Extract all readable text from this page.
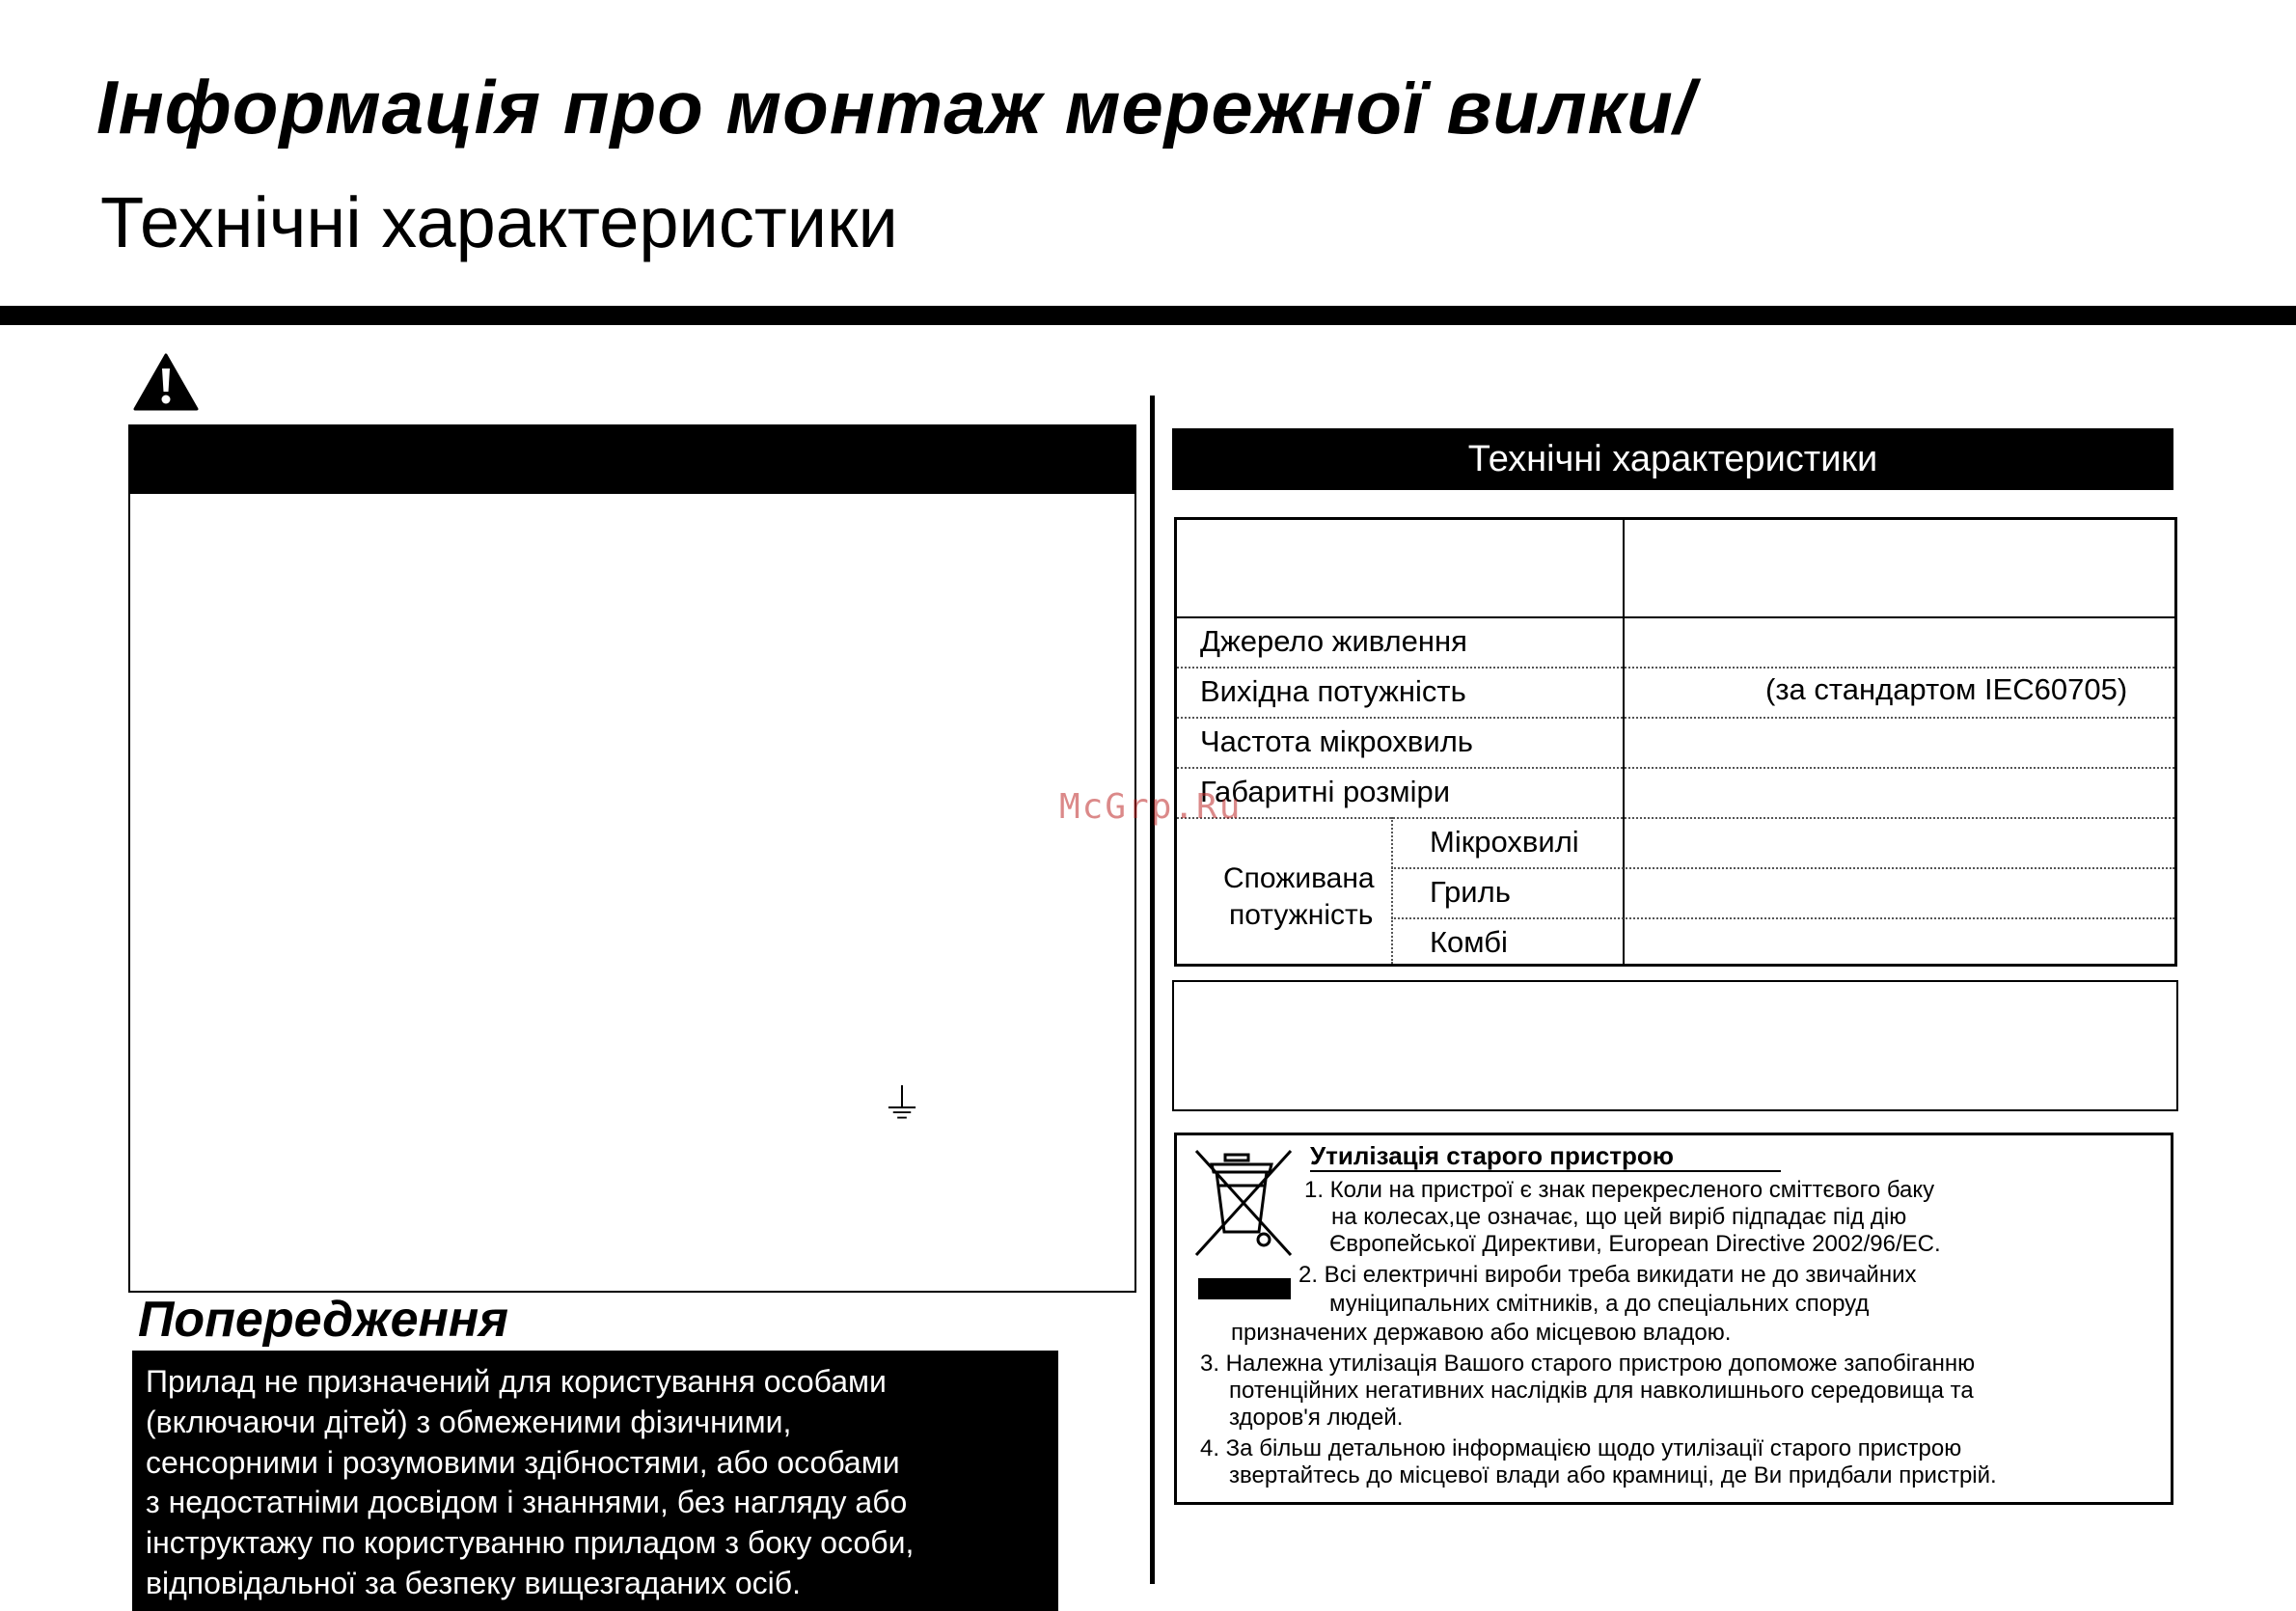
Інформація про монтаж мережної вилки/
Технічні характеристики
⏚
Попередження

Прилад не призначений для користування особами

(включаючи дітей) з обмеженими фізичними,

сенсорними і розумовими здібностями, або особами

з недостатніми досвідом і знаннями, без нагляду або

інструктажу по користуванню приладом з боку особи,

відповідальної за безпеку вищезгаданих осіб.

Технічні характеристики
Джерело живлення
Вихідна потужність	(за стандартом IEC60705)
Частота мікрохвиль
Габаритні розміри
Споживана
потужність
Мікрохвилі
Гриль
Комбі
Утилізація старого пристрою
1. Коли на пристрої є знак перекресленого сміттєвого баку
на колесах,це означає, що цей виріб підпадає під дію
Європейської Директиви, European Directive 2002/96/EC.
2. Всі електричні вироби треба викидати не до звичайних
муніципальних смітників, а до спеціальних споруд
призначених державою або місцевою владою.
3. Належна утилізація Вашого старого пристрою допоможе запобіганню
потенційних негативних наслідків для навколишнього середовища та
здоров'я людей.
4. За більш детальною інформацією щодо утилізації старого пристрою
звертайтесь до місцевої влади або крамниці, де Ви придбали пристрій.
McGrp.Ru
